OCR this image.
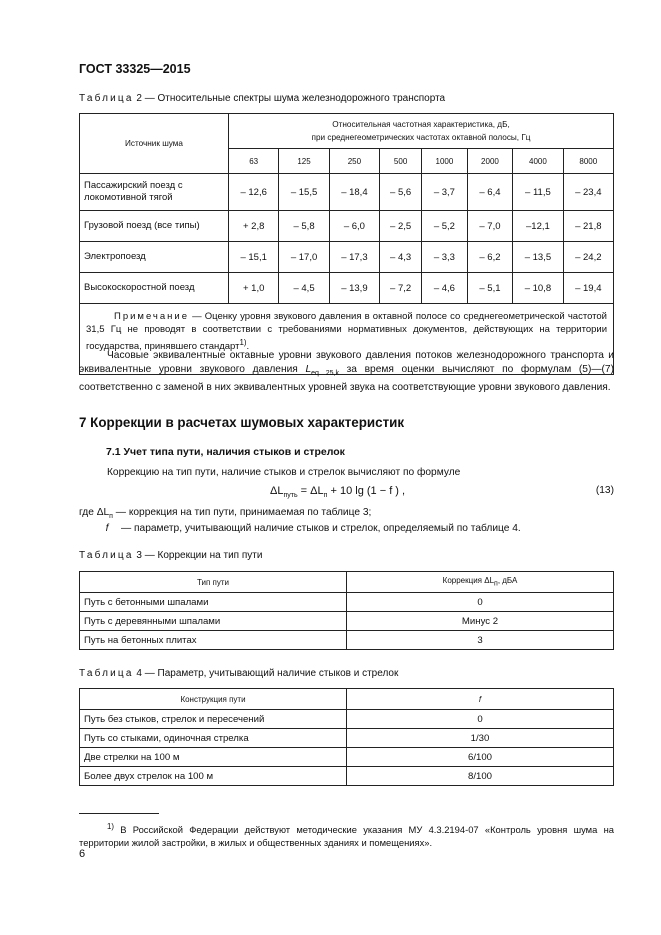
ГОСТ 33325—2015
Таблица 2 — Относительные спектры шума железнодорожного транспорта
Источник шума	Относительная частотная характеристика, дБ,
при среднегеометрических частотах октавной полосы, Гц							

	63	125	250	500	1000	2000	4000	8000
Пассажирский поезд с локомотивной тягой	– 12,6	– 15,5	– 18,4	– 5,6	– 3,7	– 6,4	– 11,5	– 23,4
Грузовой поезд (все типы)	+ 2,8	– 5,8	– 6,0	– 2,5	– 5,2	– 7,0	–12,1	– 21,8
Электропоезд	– 15,1	– 17,0	– 17,3	– 4,3	– 3,3	– 6,2	– 13,5	– 24,2
Высокоскоростной поезд	+ 1,0	– 4,5	– 13,9	– 7,2	– 4,6	– 5,1	– 10,8	– 19,4
Примечание — Оценку уровня звукового давления в октавной полосе со среднегеометрической частотой 31,5 Гц не проводят в соответствии с требованиями нормативных документов, действующих на территории государства, принявшего стандарт$^{1)}$.								
Часовые эквивалентные октавные уровни звукового давления потоков железнодорожного транспорта и эквивалентные уровни звукового давления $L_{eq 25,k}$ за время оценки вычисляют по формулам (5)—(7) соответственно с заменой в них эквивалентных уровней звука на соответствующие уровни звукового давления.
7 Коррекции в расчетах шумовых характеристик
7.1 Учет типа пути, наличия стыков и стрелок
Коррекцию на тип пути, наличие стыков и стрелок вычисляют по формуле
$\Delta L_{путь} = \Delta L_п + 10$ lg (1 − f ) ,	(13)
где $\Delta L_п$ — коррекция на тип пути, принимаемая по таблице 3;
f — параметр, учитывающий наличие стыков и стрелок, определяемый по таблице 4.
Таблица 3 — Коррекции на тип пути
Тип пути	Коррекция $\Delta L_п$, дБА
Путь с бетонными шпалами	0
Путь с деревянными шпалами	Минус 2
Путь на бетонных плитах	3
Таблица 4 — Параметр, учитывающий наличие стыков и стрелок
Конструкция пути	f
Путь без стыков, стрелок и пересечений	0
Путь со стыками, одиночная стрелка	1/30
Две стрелки на 100 м	6/100
Более двух стрелок на 100 м	8/100
$^{1)}$ В Российской Федерации действуют методические указания МУ 4.3.2194-07 «Контроль уровня шума на территории жилой застройки, в жилых и общественных зданиях и помещениях».
6
